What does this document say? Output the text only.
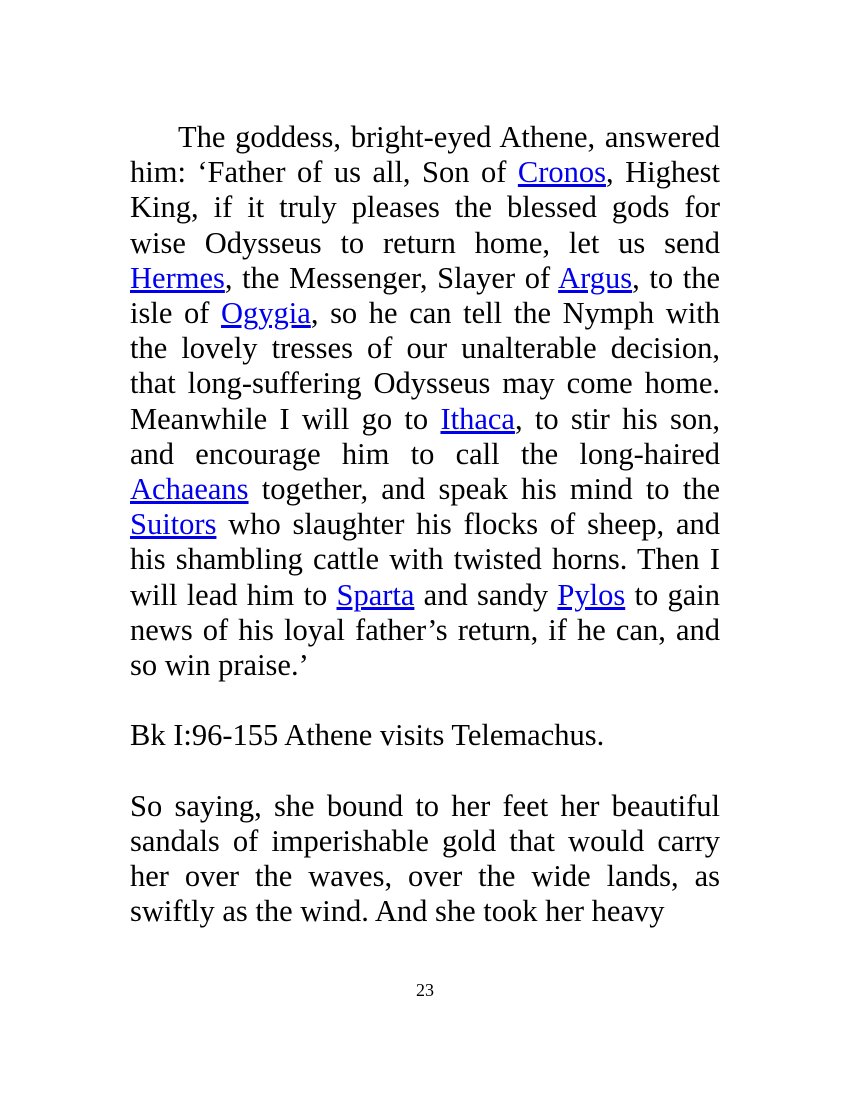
The goddess, bright-eyed Athene, answered him: ‘Father of us all, Son of Cronos, Highest King, if it truly pleases the blessed gods for wise Odysseus to return home, let us send Hermes, the Messenger, Slayer of Argus, to the isle of Ogygia, so he can tell the Nymph with the lovely tresses of our unalterable decision, that long-suffering Odysseus may come home. Meanwhile I will go to Ithaca, to stir his son, and encourage him to call the long-haired Achaeans together, and speak his mind to the Suitors who slaughter his flocks of sheep, and his shambling cattle with twisted horns. Then I will lead him to Sparta and sandy Pylos to gain news of his loyal father’s return, if he can, and so win praise.’

Bk I:96-155 Athene visits Telemachus.

So saying, she bound to her feet her beautiful sandals of imperishable gold that would carry her over the waves, over the wide lands, as swiftly as the wind. And she took her heavy

23
